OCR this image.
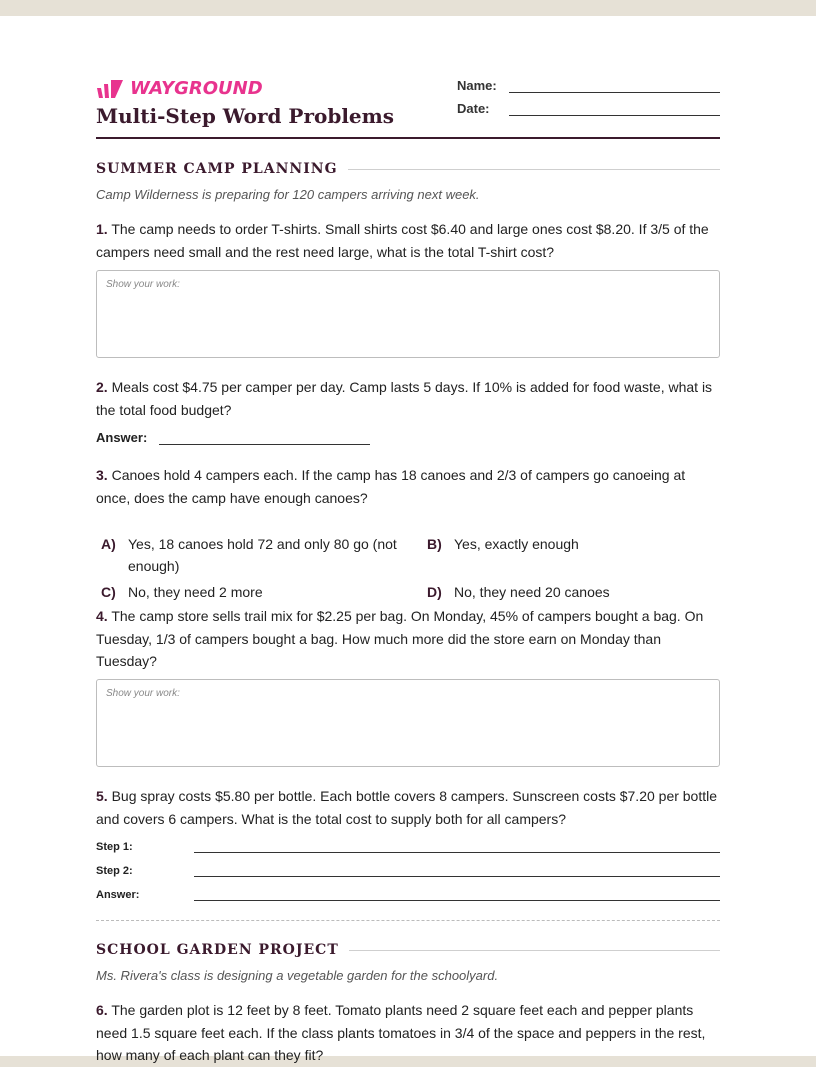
WAYGROUND
Multi-Step Word Problems
Name:
Date:
SUMMER CAMP PLANNING
Camp Wilderness is preparing for 120 campers arriving next week.
1. The camp needs to order T-shirts. Small shirts cost $6.40 and large ones cost $8.20. If 3/5 of the campers need small and the rest need large, what is the total T-shirt cost?
Show your work:
2. Meals cost $4.75 per camper per day. Camp lasts 5 days. If 10% is added for food waste, what is the total food budget?
Answer:
3. Canoes hold 4 campers each. If the camp has 18 canoes and 2/3 of campers go canoeing at once, does the camp have enough canoes?
A) Yes, 18 canoes hold 72 and only 80 go (not enough)
B) Yes, exactly enough
C) No, they need 2 more	D) No, they need 20 canoes
4. The camp store sells trail mix for $2.25 per bag. On Monday, 45% of campers bought a bag. On Tuesday, 1/3 of campers bought a bag. How much more did the store earn on Monday than Tuesday?
Show your work:
5. Bug spray costs $5.80 per bottle. Each bottle covers 8 campers. Sunscreen costs $7.20 per bottle and covers 6 campers. What is the total cost to supply both for all campers?
Step 1:
Step 2:
Answer:
SCHOOL GARDEN PROJECT
Ms. Rivera's class is designing a vegetable garden for the schoolyard.
6. The garden plot is 12 feet by 8 feet. Tomato plants need 2 square feet each and pepper plants need 1.5 square feet each. If the class plants tomatoes in 3/4 of the space and peppers in the rest, how many of each plant can they fit?
